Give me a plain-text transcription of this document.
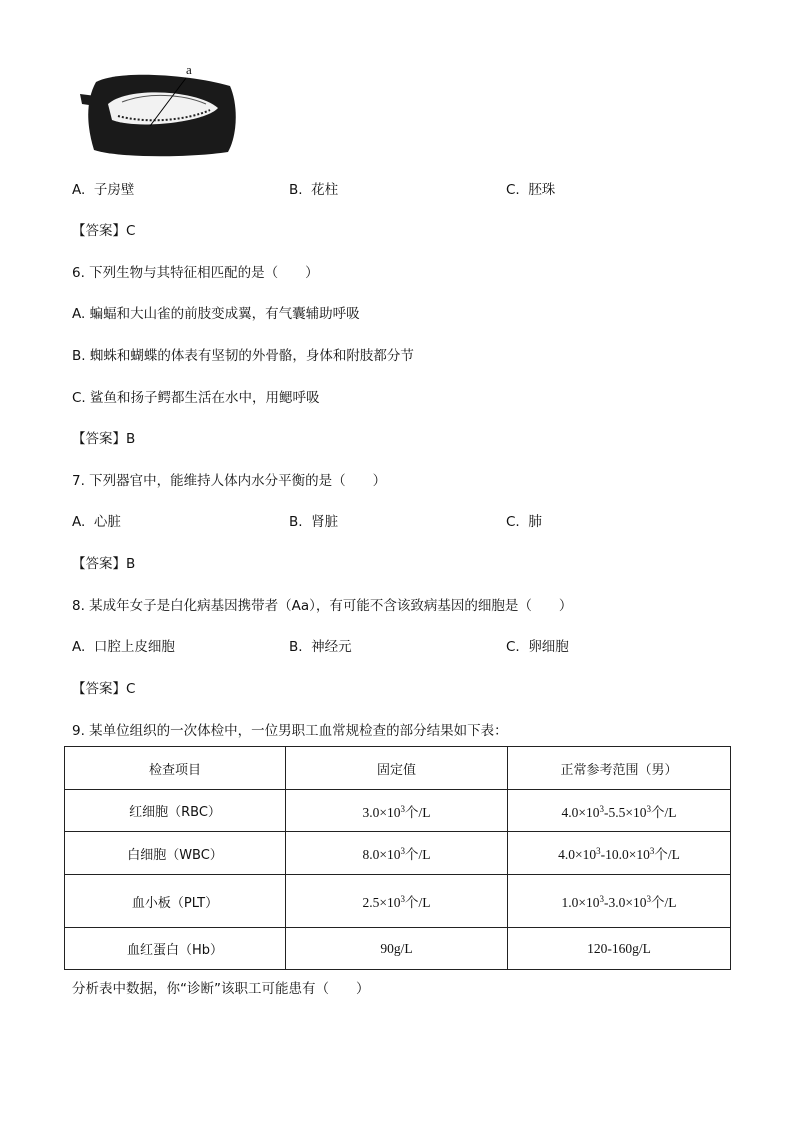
a
A. 子房壁	B. 花柱	C. 胚珠
【答案】C
6. 下列生物与其特征相匹配的是（　　）
A. 蝙蝠和大山雀的前肢变成翼，有气囊辅助呼吸
B. 蜘蛛和蝴蝶的体表有坚韧的外骨骼，身体和附肢都分节
C. 鲨鱼和扬子鳄都生活在水中，用鳃呼吸
【答案】B
7. 下列器官中，能维持人体内水分平衡的是（　　）
A. 心脏	B. 肾脏	C. 肺
【答案】B
8. 某成年女子是白化病基因携带者（Aa），有可能不含该致病基因的细胞是（　　）
A. 口腔上皮细胞	B. 神经元	C. 卵细胞
【答案】C
9. 某单位组织的一次体检中，一位男职工血常规检查的部分结果如下表：
检查项目	固定值	正常参考范围（男）
红细胞（RBC）	$3.0\times 10^3$个/L	$4.0\times 10^3-5.5\times 10^3$个/L
白细胞（WBC）	$8.0\times 10^3$个/L	$4.0\times 10^3-10.0\times 10^3$个/L
血小板（PLT）	$2.5\times 10^3$个/L	$1.0\times 10^3-3.0\times 10^3$个/L
血红蛋白（Hb）	90g/L	120-160g/L
分析表中数据，你“诊断”该职工可能患有（　　）
